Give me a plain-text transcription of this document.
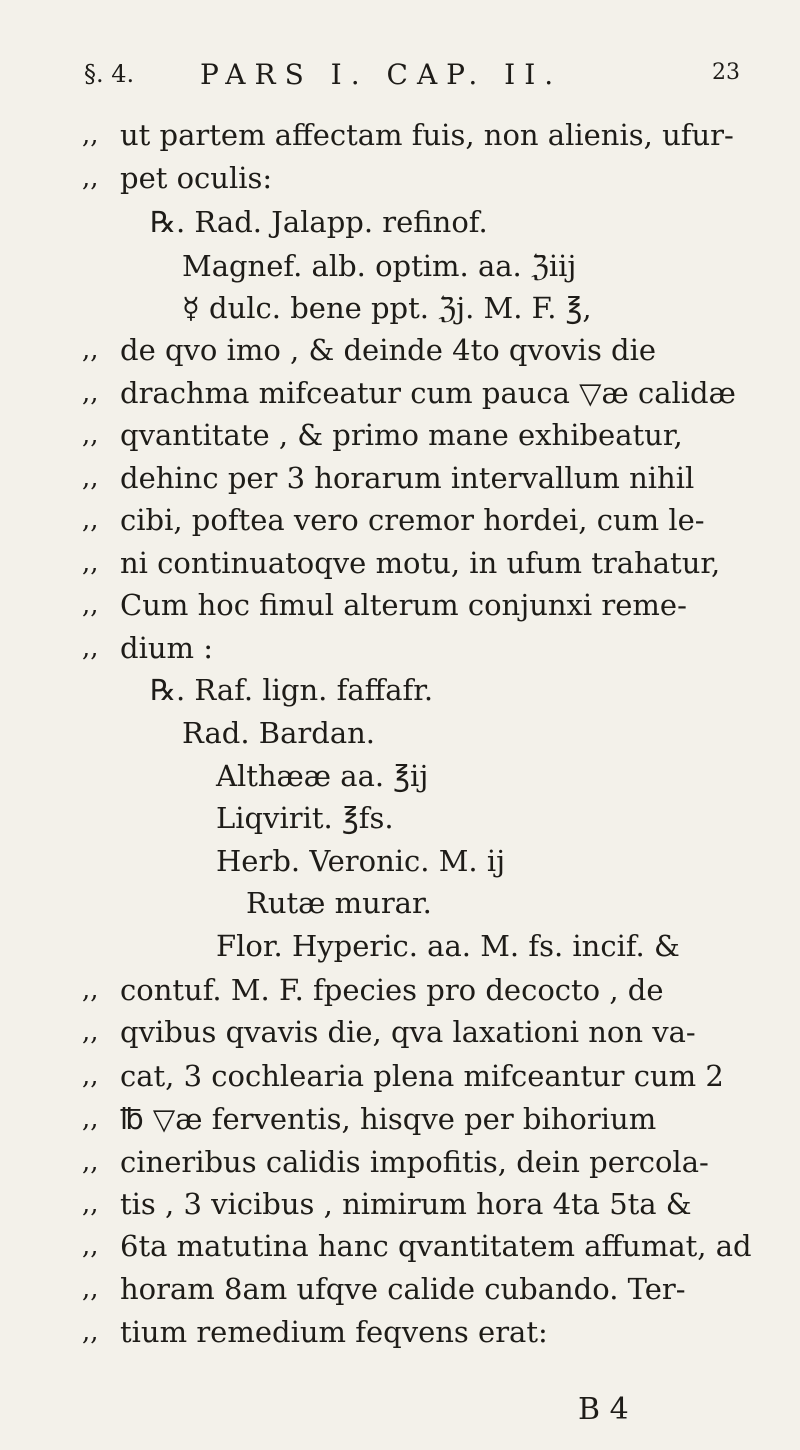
§. 4. PARS I. CAP. II.	23
,, ut partem affectam fuis, non alienis, ufur-
,, pet oculis:
℞. Rad. Jalapp. refinof.
Magnef. alb. optim. aa. ℨiij
☿ dulc. bene ppt. ℨj. M. F. ℥,
,, de qvo imo , & deinde 4to qvovis die
,, drachma mifceatur cum pauca ▽æ calidæ
,, qvantitate , & primo mane exhibeatur,
,, dehinc per 3 horarum intervallum nihil
,, cibi, poftea vero cremor hordei, cum le-
,, ni continuatoqve motu, in ufum trahatur,
,, Cum hoc fimul alterum conjunxi reme-
,, dium :
℞. Raf. lign. faffafr.
Rad. Bardan.
Althææ aa. ℥ij
Liqvirit. ℥fs.
Herb. Veronic. M. ij
Rutæ murar.
Flor. Hyperic. aa. M. fs. incif. &
,, contuf. M. F. fpecies pro decocto , de
,, qvibus qvavis die, qva laxationi non va-
,, cat, 3 cochlearia plena mifceantur cum 2
,, ℔ ▽æ ferventis, hisqve per bihorium
,, cineribus calidis impofitis, dein percola-
,, tis , 3 vicibus , nimirum hora 4ta 5ta &
,, 6ta matutina hanc qvantitatem affumat, ad
,, horam 8am ufqve calide cubando. Ter-
,, tium remedium feqvens erat:
B 4
